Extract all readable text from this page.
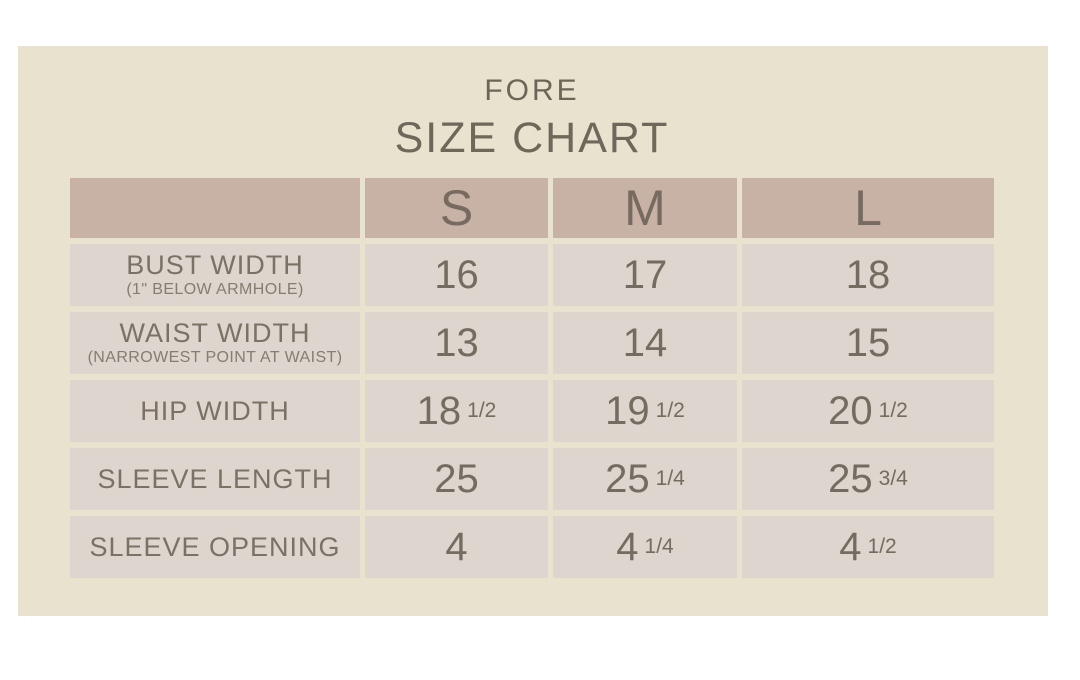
FORE
SIZE CHART
S	M	L
BUST WIDTH
(1" BELOW ARMHOLE)	16	17	18
WAIST WIDTH
(NARROWEST POINT AT WAIST) 13	14	15
HIP WIDTH	18 1/2	19 1/2	20 1/2
SLEEVE LENGTH	25	25 1/4	25 3/4
SLEEVE OPENING	4	4 1/4	4 1/2
